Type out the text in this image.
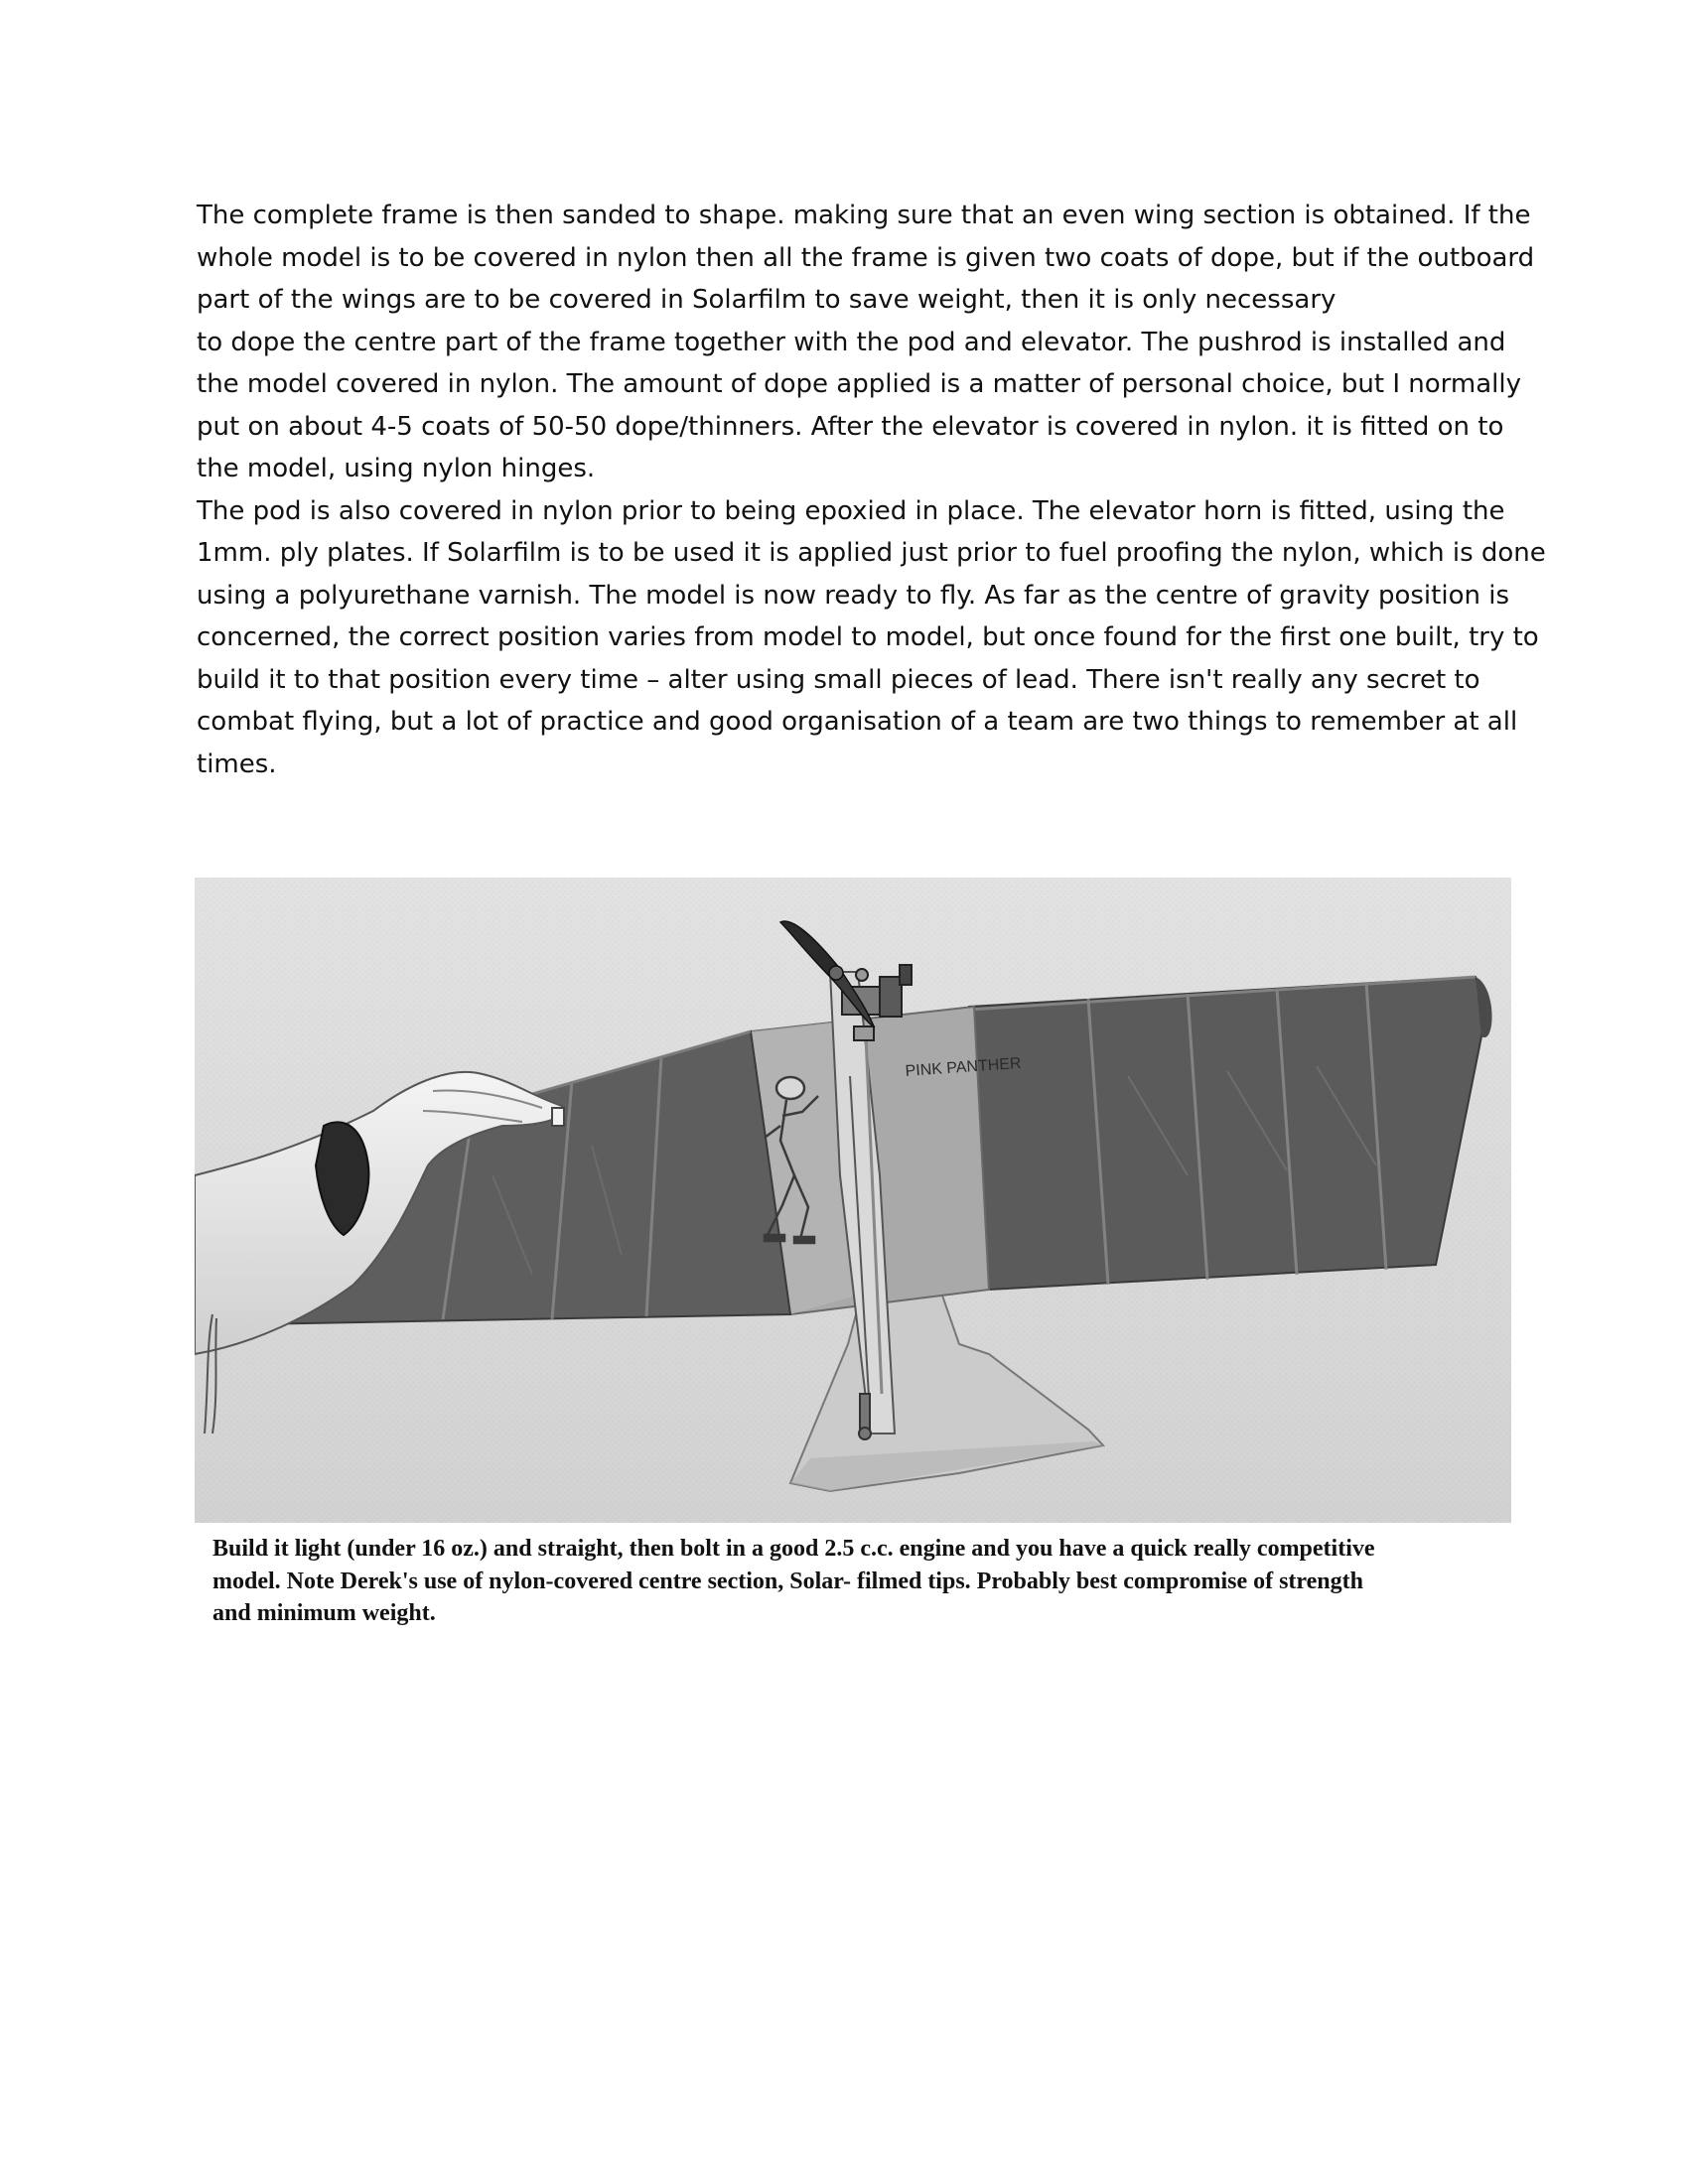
The complete frame is then sanded to shape. making sure that an even wing section is obtained. If the
whole model is to be covered in nylon then all the frame is given two coats of dope, but if the outboard
part of the wings are to be covered in Solarfilm to save weight, then it is only necessary
to dope the centre part of the frame together with the pod and elevator. The pushrod is installed and
the model covered in nylon. The amount of dope applied is a matter of personal choice, but I normally
put on about 4-5 coats of 50-50 dope/thinners. After the elevator is covered in nylon. it is fitted on to
the model, using nylon hinges.
The pod is also covered in nylon prior to being epoxied in place. The elevator horn is fitted, using the
1mm. ply plates. If Solarfilm is to be used it is applied just prior to fuel proofing the nylon, which is done
using a polyurethane varnish. The model is now ready to fly. As far as the centre of gravity position is
concerned, the correct position varies from model to model, but once found for the first one built, try to
build it to that position every time – alter using small pieces of lead. There isn't really any secret to
combat flying, but a lot of practice and good organisation of a team are two things to remember at all
times.
PINK PANTHER
Build it light (under 16 oz.) and straight, then bolt in a good 2.5 c.c. engine and you have a quick really competitive
model. Note Derek's use of nylon-covered centre section, Solar- filmed tips. Probably best compromise of strength
and minimum weight.
